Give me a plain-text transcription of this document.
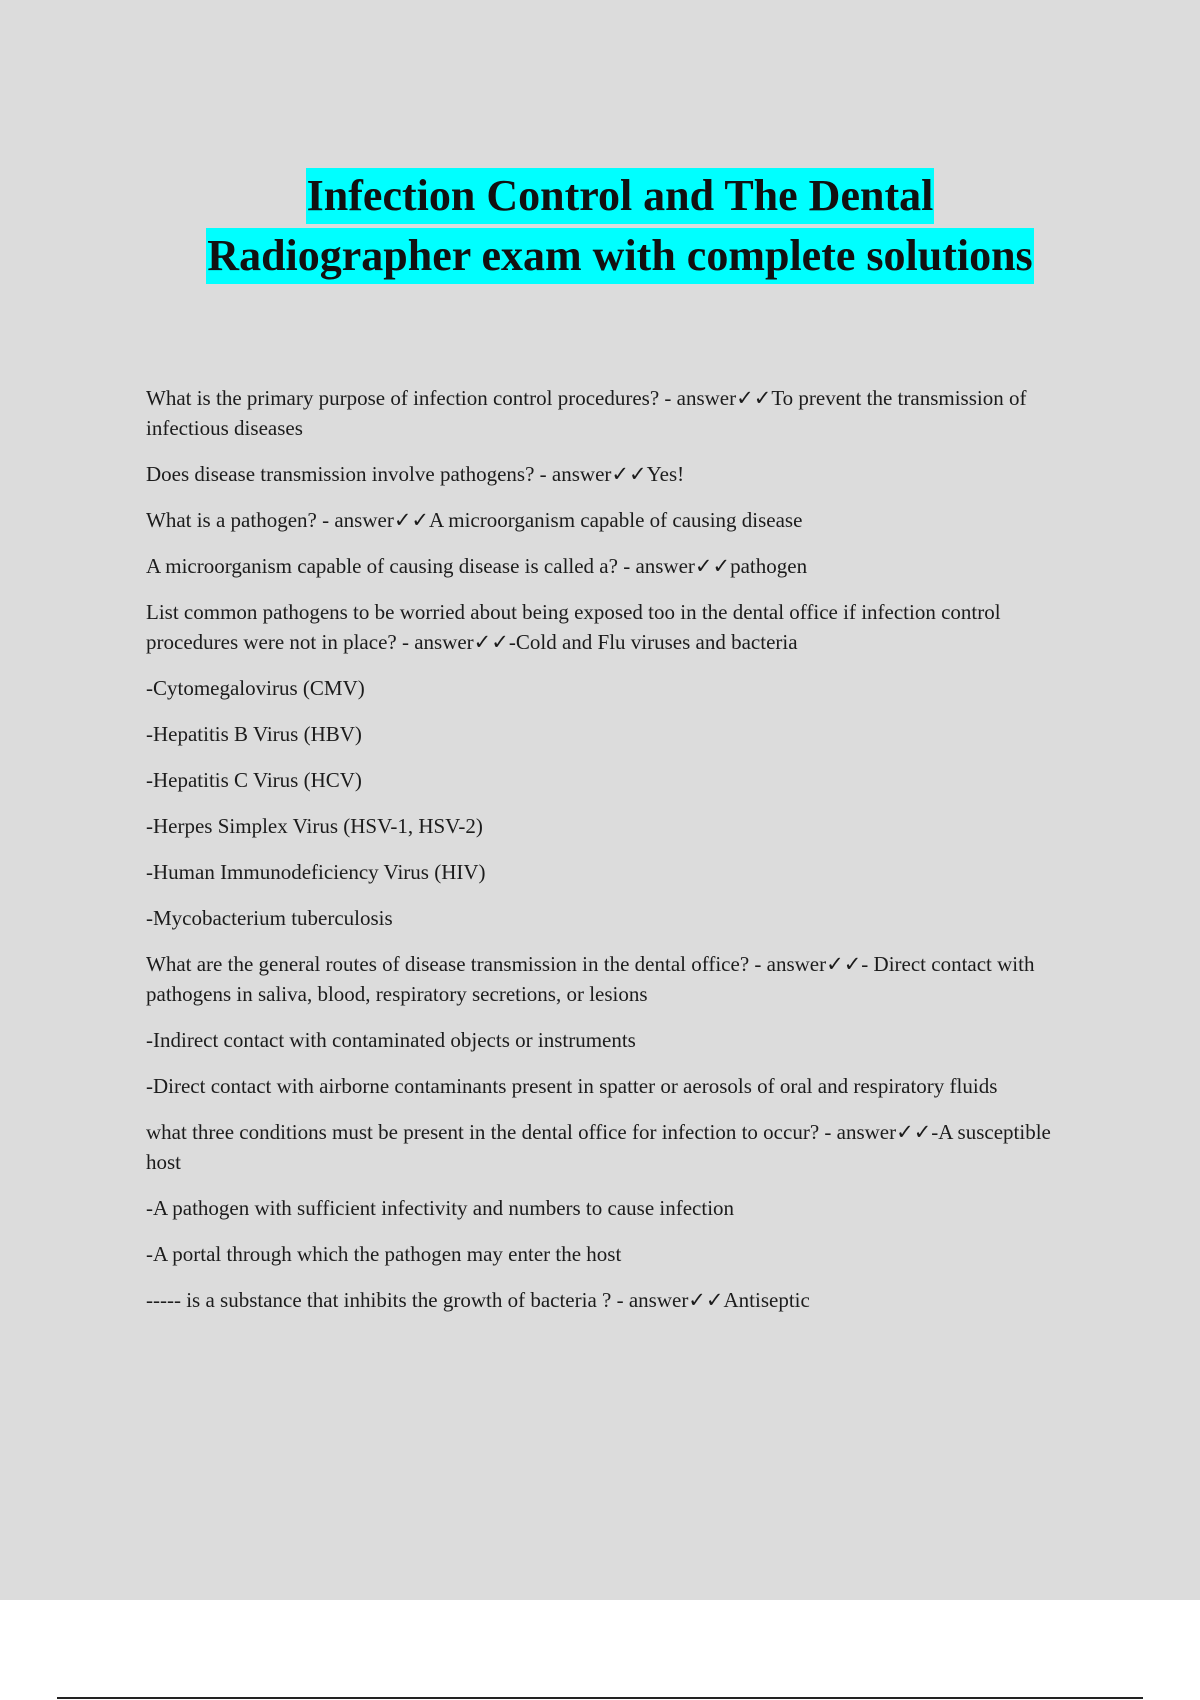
Infection Control and The Dental
Radiographer exam with complete solutions

What is the primary purpose of infection control procedures? - answer✓✓To prevent the transmission of infectious diseases

Does disease transmission involve pathogens? - answer✓✓Yes!

What is a pathogen? - answer✓✓A microorganism capable of causing disease

A microorganism capable of causing disease is called a? - answer✓✓pathogen

List common pathogens to be worried about being exposed too in the dental office if infection control procedures were not in place? - answer✓✓-Cold and Flu viruses and bacteria

-Cytomegalovirus (CMV)

-Hepatitis B Virus (HBV)

-Hepatitis C Virus (HCV)

-Herpes Simplex Virus (HSV-1, HSV-2)

-Human Immunodeficiency Virus (HIV)

-Mycobacterium tuberculosis

What are the general routes of disease transmission in the dental office? - answer✓✓- Direct contact with pathogens in saliva, blood, respiratory secretions, or lesions

-Indirect contact with contaminated objects or instruments

-Direct contact with airborne contaminants present in spatter or aerosols of oral and respiratory fluids

what three conditions must be present in the dental office for infection to occur? - answer✓✓-A susceptible host

-A pathogen with sufficient infectivity and numbers to cause infection

-A portal through which the pathogen may enter the host

----- is a substance that inhibits the growth of bacteria ? - answer✓✓Antiseptic
